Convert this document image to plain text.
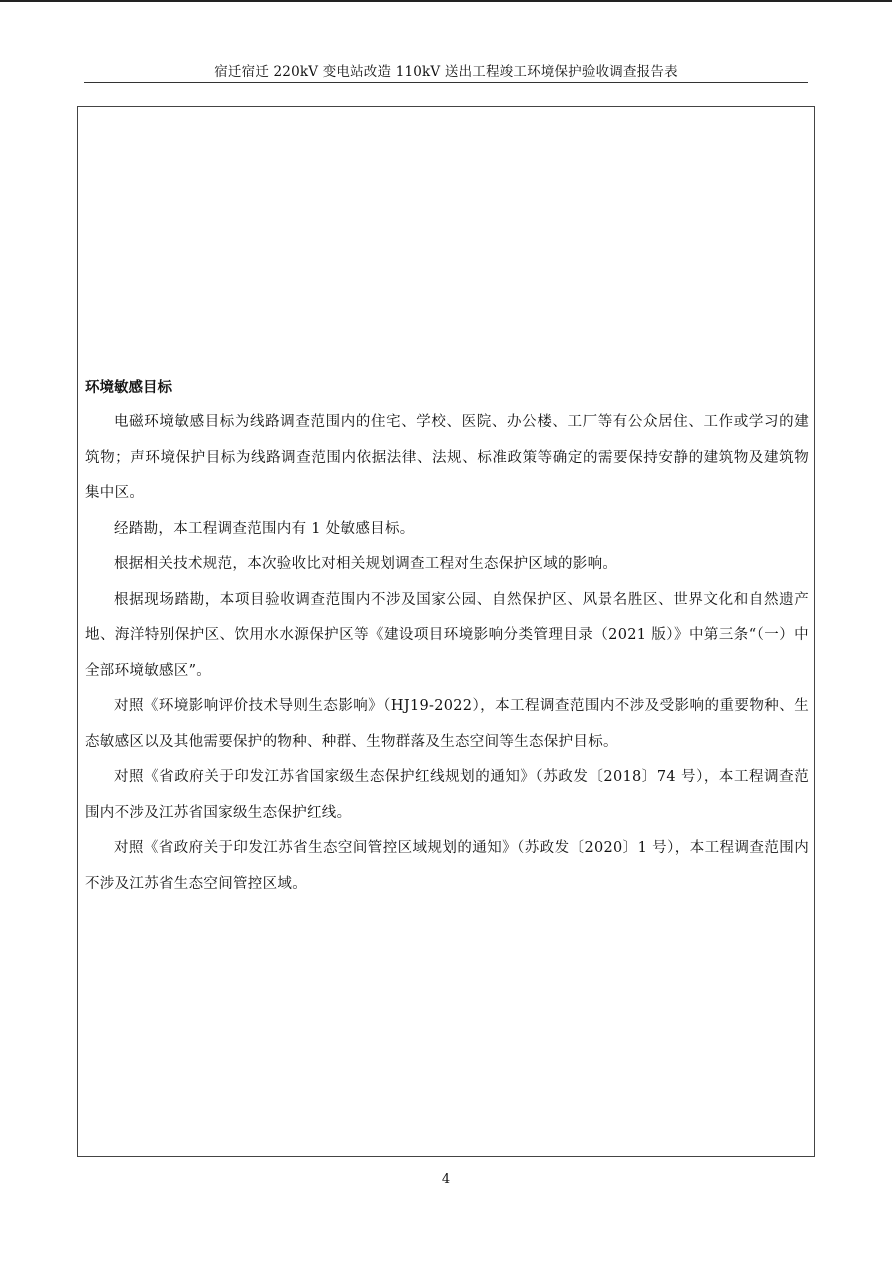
宿迁宿迁 220kV 变电站改造 110kV 送出工程竣工环境保护验收调查报告表
环境敏感目标

电磁环境敏感目标为线路调查范围内的住宅、学校、医院、办公楼、工厂等有公众居住、工作或学习的建筑物；声环境保护目标为线路调查范围内依据法律、法规、标准政策等确定的需要保持安静的建筑物及建筑物集中区。

经踏勘，本工程调查范围内有 1 处敏感目标。

根据相关技术规范，本次验收比对相关规划调查工程对生态保护区域的影响。

根据现场踏勘，本项目验收调查范围内不涉及国家公园、自然保护区、风景名胜区、世界文化和自然遗产地、海洋特别保护区、饮用水水源保护区等《建设项目环境影响分类管理目录（2021 版）》中第三条“（一）中全部环境敏感区”。

对照《环境影响评价技术导则生态影响》（HJ19-2022），本工程调查范围内不涉及受影响的重要物种、生态敏感区以及其他需要保护的物种、种群、生物群落及生态空间等生态保护目标。

对照《省政府关于印发江苏省国家级生态保护红线规划的通知》（苏政发〔2018〕74 号），本工程调查范围内不涉及江苏省国家级生态保护红线。

对照《省政府关于印发江苏省生态空间管控区域规划的通知》（苏政发〔2020〕1 号），本工程调查范围内不涉及江苏省生态空间管控区域。

4
